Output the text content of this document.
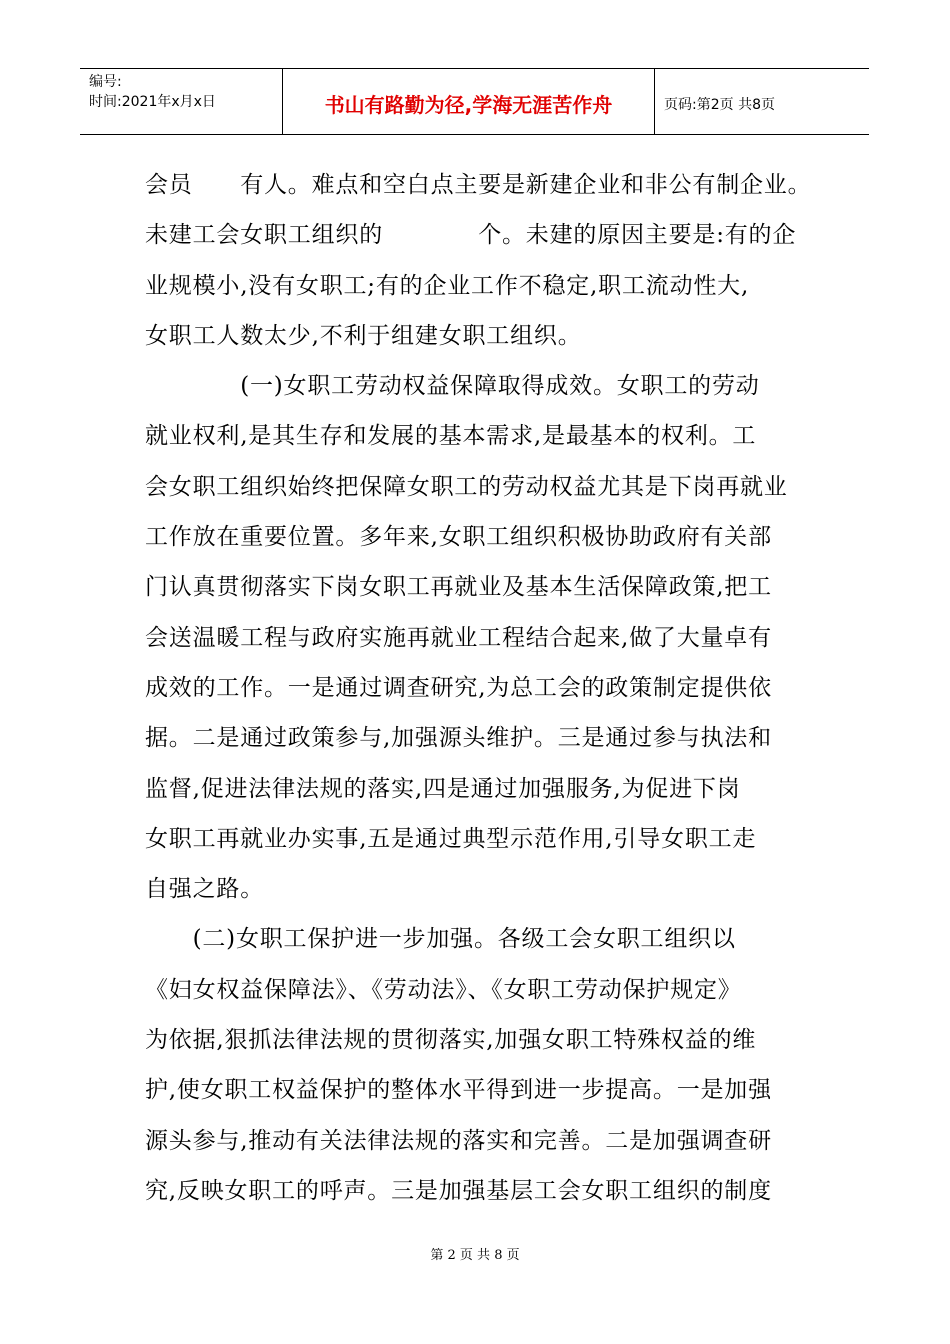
编号:
时间:2021年x月x日	书山有路勤为径,学海无涯苦作舟	页码:第2页 共8页
会员　　有人。难点和空白点主要是新建企业和非公有制企业。
未建工会女职工组织的　　　　个。未建的原因主要是:有的企
业规模小,没有女职工;有的企业工作不稳定,职工流动性大,
女职工人数太少,不利于组建女职工组织。
　　　　(一)女职工劳动权益保障取得成效。女职工的劳动
就业权利,是其生存和发展的基本需求,是最基本的权利。工
会女职工组织始终把保障女职工的劳动权益尤其是下岗再就业
工作放在重要位置。多年来,女职工组织积极协助政府有关部
门认真贯彻落实下岗女职工再就业及基本生活保障政策,把工
会送温暖工程与政府实施再就业工程结合起来,做了大量卓有
成效的工作。一是通过调查研究,为总工会的政策制定提供依
据。二是通过政策参与,加强源头维护。三是通过参与执法和
监督,促进法律法规的落实,四是通过加强服务,为促进下岗
女职工再就业办实事,五是通过典型示范作用,引导女职工走
自强之路。
　　(二)女职工保护进一步加强。各级工会女职工组织以
《妇女权益保障法》、《劳动法》、《女职工劳动保护规定》
为依据,狠抓法律法规的贯彻落实,加强女职工特殊权益的维
护,使女职工权益保护的整体水平得到进一步提高。一是加强
源头参与,推动有关法律法规的落实和完善。二是加强调查研
究,反映女职工的呼声。三是加强基层工会女职工组织的制度
第 2 页 共 8 页
